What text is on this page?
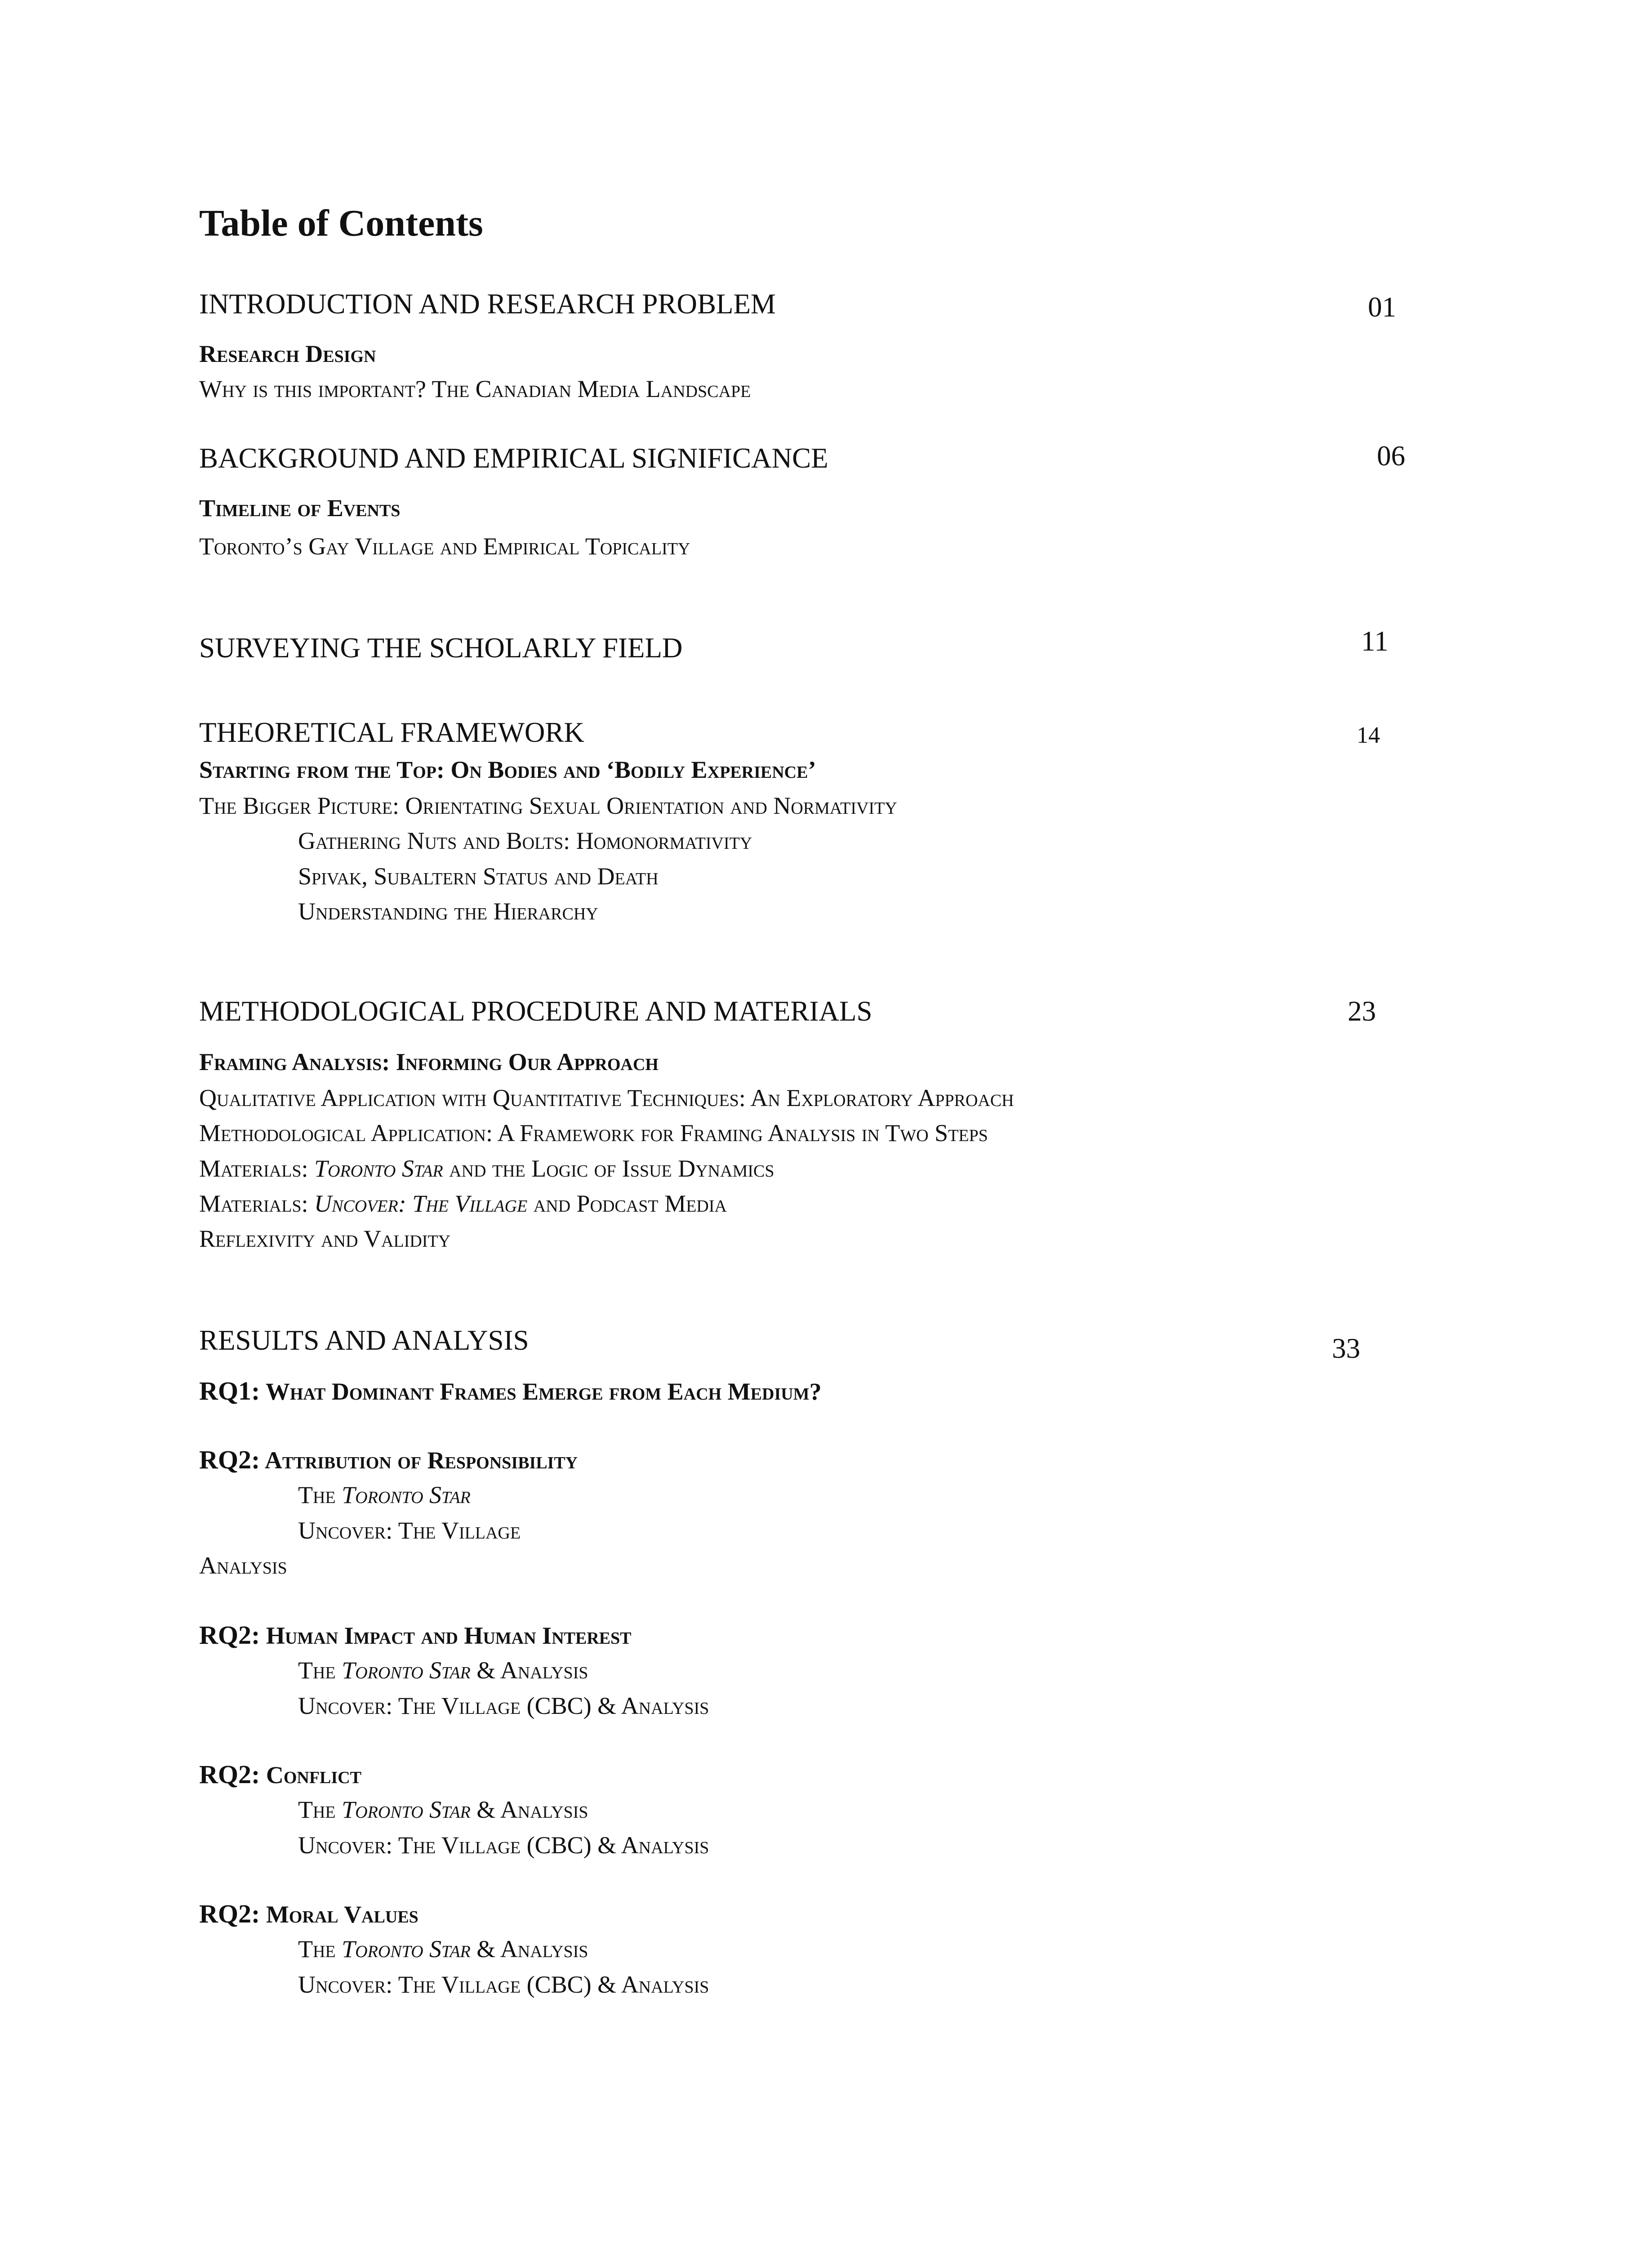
Table of Contents
INTRODUCTION AND RESEARCH PROBLEM	01
Research Design
Why is this important? The Canadian Media Landscape
BACKGROUND AND EMPIRICAL SIGNIFICANCE	06
Timeline of Events
Toronto’s Gay Village and Empirical Topicality
SURVEYING THE SCHOLARLY FIELD	11
THEORETICAL FRAMEWORK	14
Starting from the Top: On Bodies and ‘Bodily Experience’
The Bigger Picture: Orientating Sexual Orientation and Normativity
Gathering Nuts and Bolts: Homonormativity
Spivak, Subaltern Status and Death
Understanding the Hierarchy
METHODOLOGICAL PROCEDURE AND MATERIALS	23
Framing Analysis: Informing Our Approach
Qualitative Application with Quantitative Techniques: An Exploratory Approach
Methodological Application: A Framework for Framing Analysis in Two Steps
Materials: Toronto Star and the Logic of Issue Dynamics
Materials: Uncover: The Village and Podcast Media
Reflexivity and Validity
RESULTS AND ANALYSIS	33
RQ1: What Dominant Frames Emerge from Each Medium?
RQ2: Attribution of Responsibility
The Toronto Star
Uncover: The Village
Analysis
RQ2: Human Impact and Human Interest
The Toronto Star & Analysis
Uncover: The Village (CBC) & Analysis
RQ2: Conflict
The Toronto Star & Analysis
Uncover: The Village (CBC) & Analysis
RQ2: Moral Values
The Toronto Star & Analysis
Uncover: The Village (CBC) & Analysis
